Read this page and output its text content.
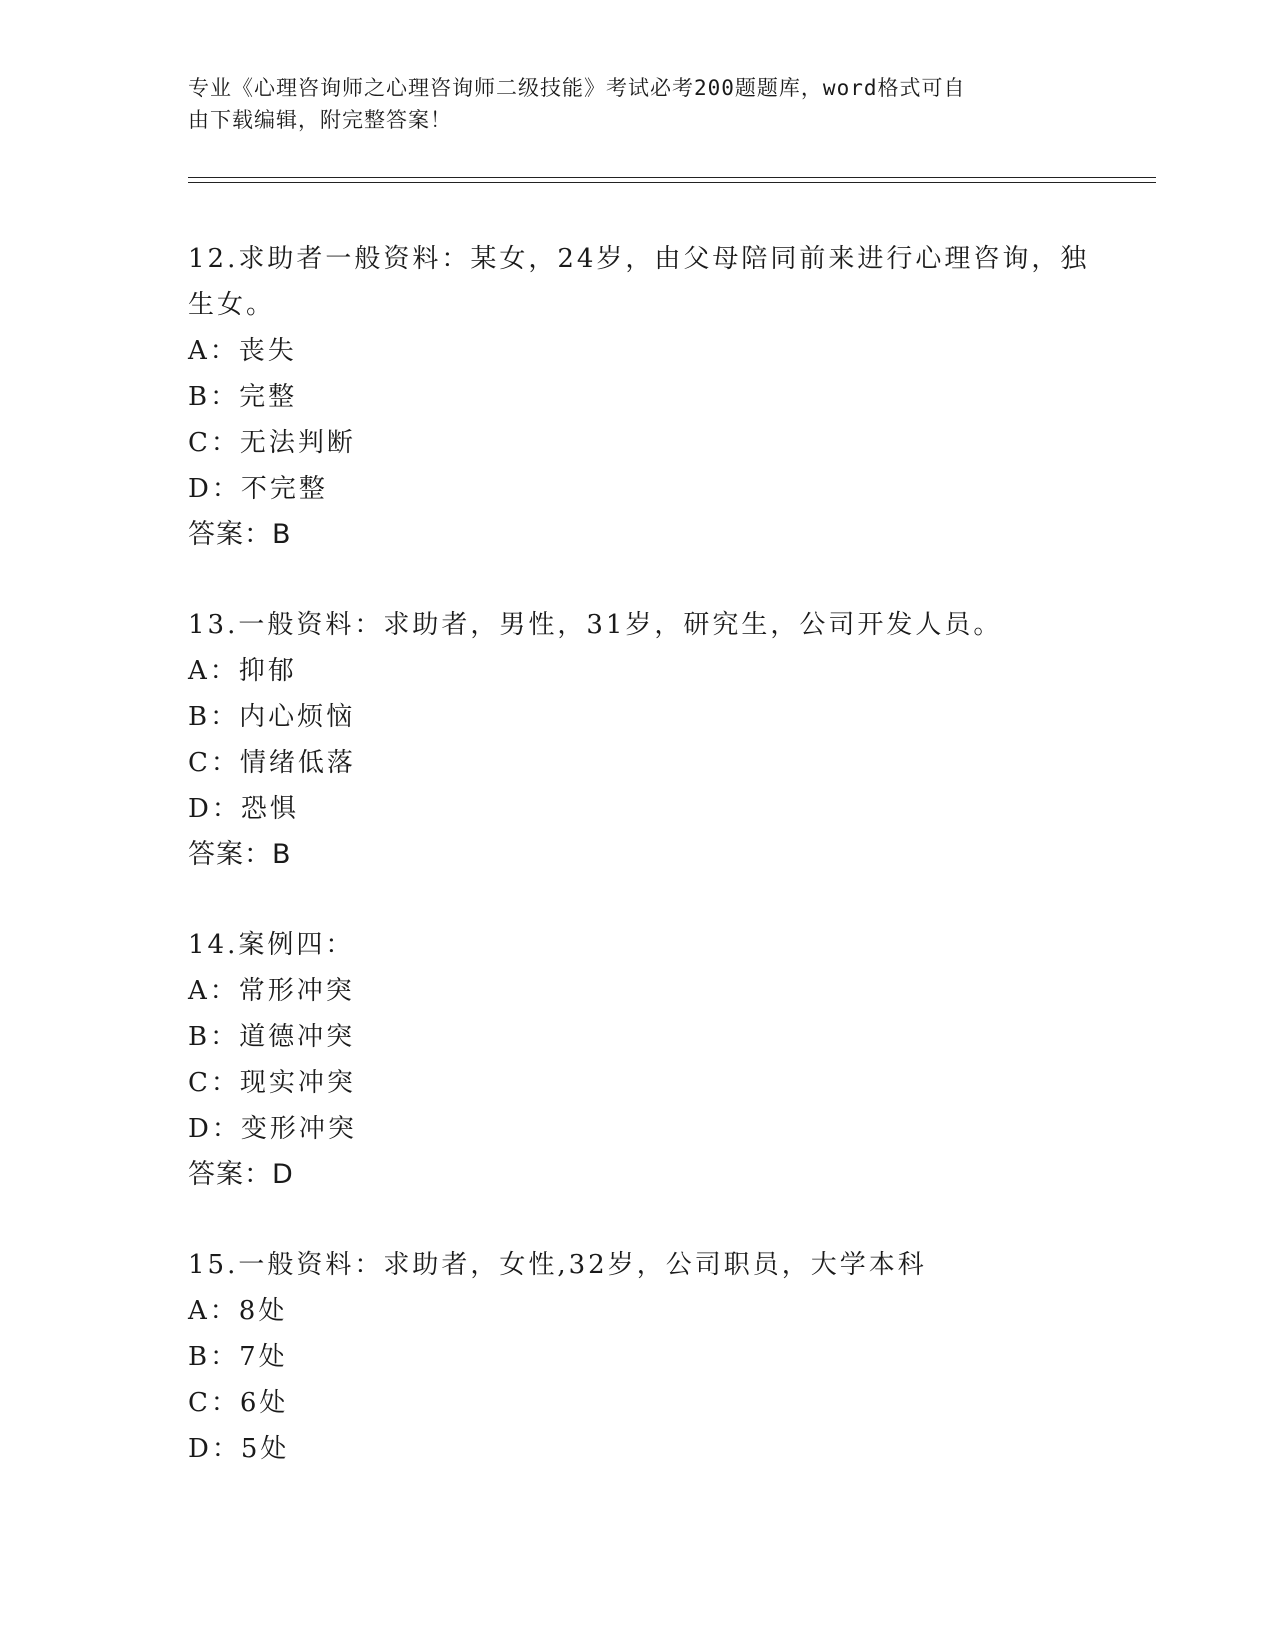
专业《心理咨询师之心理咨询师二级技能》考试必考200题题库，word格式可自
由下载编辑，附完整答案！
12.求助者一般资料：某女，24岁，由父母陪同前来进行心理咨询，独
生女。
A：丧失
B：完整
C：无法判断
D：不完整
答案：B
13.一般资料：求助者，男性，31岁，研究生，公司开发人员。
A：抑郁
B：内心烦恼
C：情绪低落
D：恐惧
答案：B
14.案例四：
A：常形冲突
B：道德冲突
C：现实冲突
D：变形冲突
答案：D
15.一般资料：求助者，女性,32岁，公司职员，大学本科
A：8处
B：7处
C：6处
D：5处
